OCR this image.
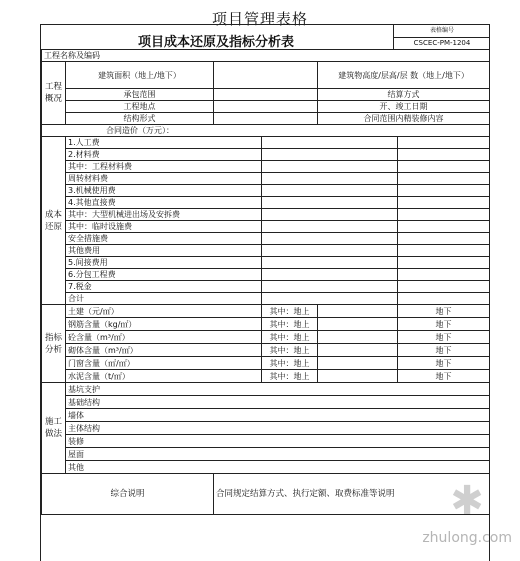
项目管理表格
项目成本还原及指标分析表
表格编号
CSCEC-PM-1204
工程名称及编码					
工程概况	建筑面积（地上/地下）			建筑物高度/层高/层 数（地上/地下）	
	承包范围			结算方式	
	工程地点			开、竣工日期	
	结构形式			合同范围内精装修内容	
合同造价（万元）：					
成本还原	1.人工费				
	2.材料费				
	其中：工程材料费				
	周转材料费				
	3.机械使用费				
	4.其他直接费				
	其中：大型机械进出场及安拆费				
	其中：临时设施费				
	安全措施费				
	其他费用				
	5.间接费用				
	6.分包工程费				
	7.税金				
	合计				
指标分析	土建（元/㎡）		其中：地上		地下
	钢筋含量（kg/㎡）		其中：地上		地下
	砼含量（m³/㎡）		其中：地上		地下
	砌体含量（m³/㎡）		其中：地上		地下
	门窗含量（㎡/㎡）		其中：地上		地下
	水泥含量（t/㎡）		其中：地上		地下
施工做法	基坑支护				
	基础结构				
	墙体				
	主体结构				
	装修				
	屋面				
	其他				
综合说明		合同规定结算方式、执行定额、取费标准等说明			✱
zhulong.com
